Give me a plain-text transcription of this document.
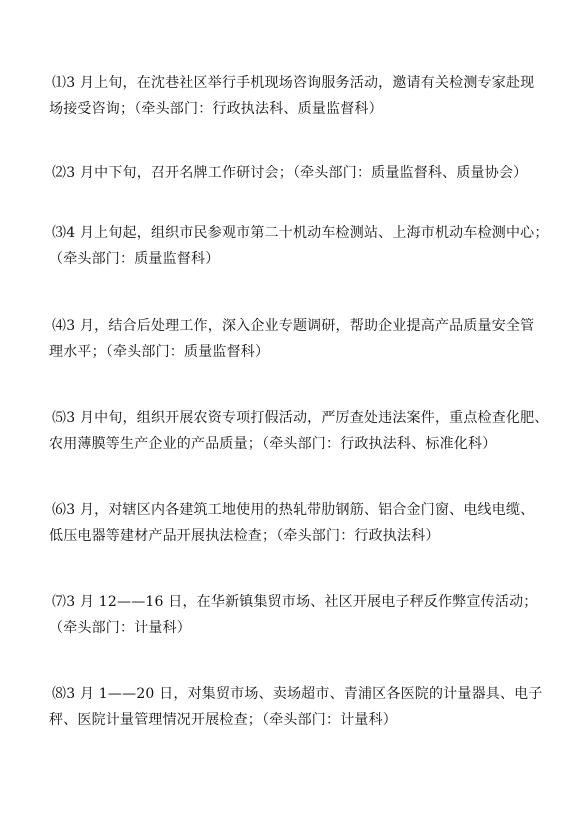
⑴3 月上旬，在沈巷社区举行手机现场咨询服务活动，邀请有关检测专家赴现
场接受咨询；（牵头部门：行政执法科、质量监督科）
⑵3 月中下旬，召开名牌工作研讨会；（牵头部门：质量监督科、质量协会）
⑶4 月上旬起，组织市民参观市第二十机动车检测站、上海市机动车检测中心；
（牵头部门：质量监督科）
⑷3 月，结合后处理工作，深入企业专题调研，帮助企业提高产品质量安全管
理水平；（牵头部门：质量监督科）
⑸3 月中旬，组织开展农资专项打假活动，严厉查处违法案件，重点检查化肥、
农用薄膜等生产企业的产品质量；（牵头部门：行政执法科、标准化科）
⑹3 月，对辖区内各建筑工地使用的热轧带肋钢筋、铝合金门窗、电线电缆、
低压电器等建材产品开展执法检查；（牵头部门：行政执法科）
⑺3 月 12——16 日，在华新镇集贸市场、社区开展电子秤反作弊宣传活动；
（牵头部门：计量科）
⑻3 月 1——20 日，对集贸市场、卖场超市、青浦区各医院的计量器具、电子
秤、医院计量管理情况开展检查；（牵头部门：计量科）
